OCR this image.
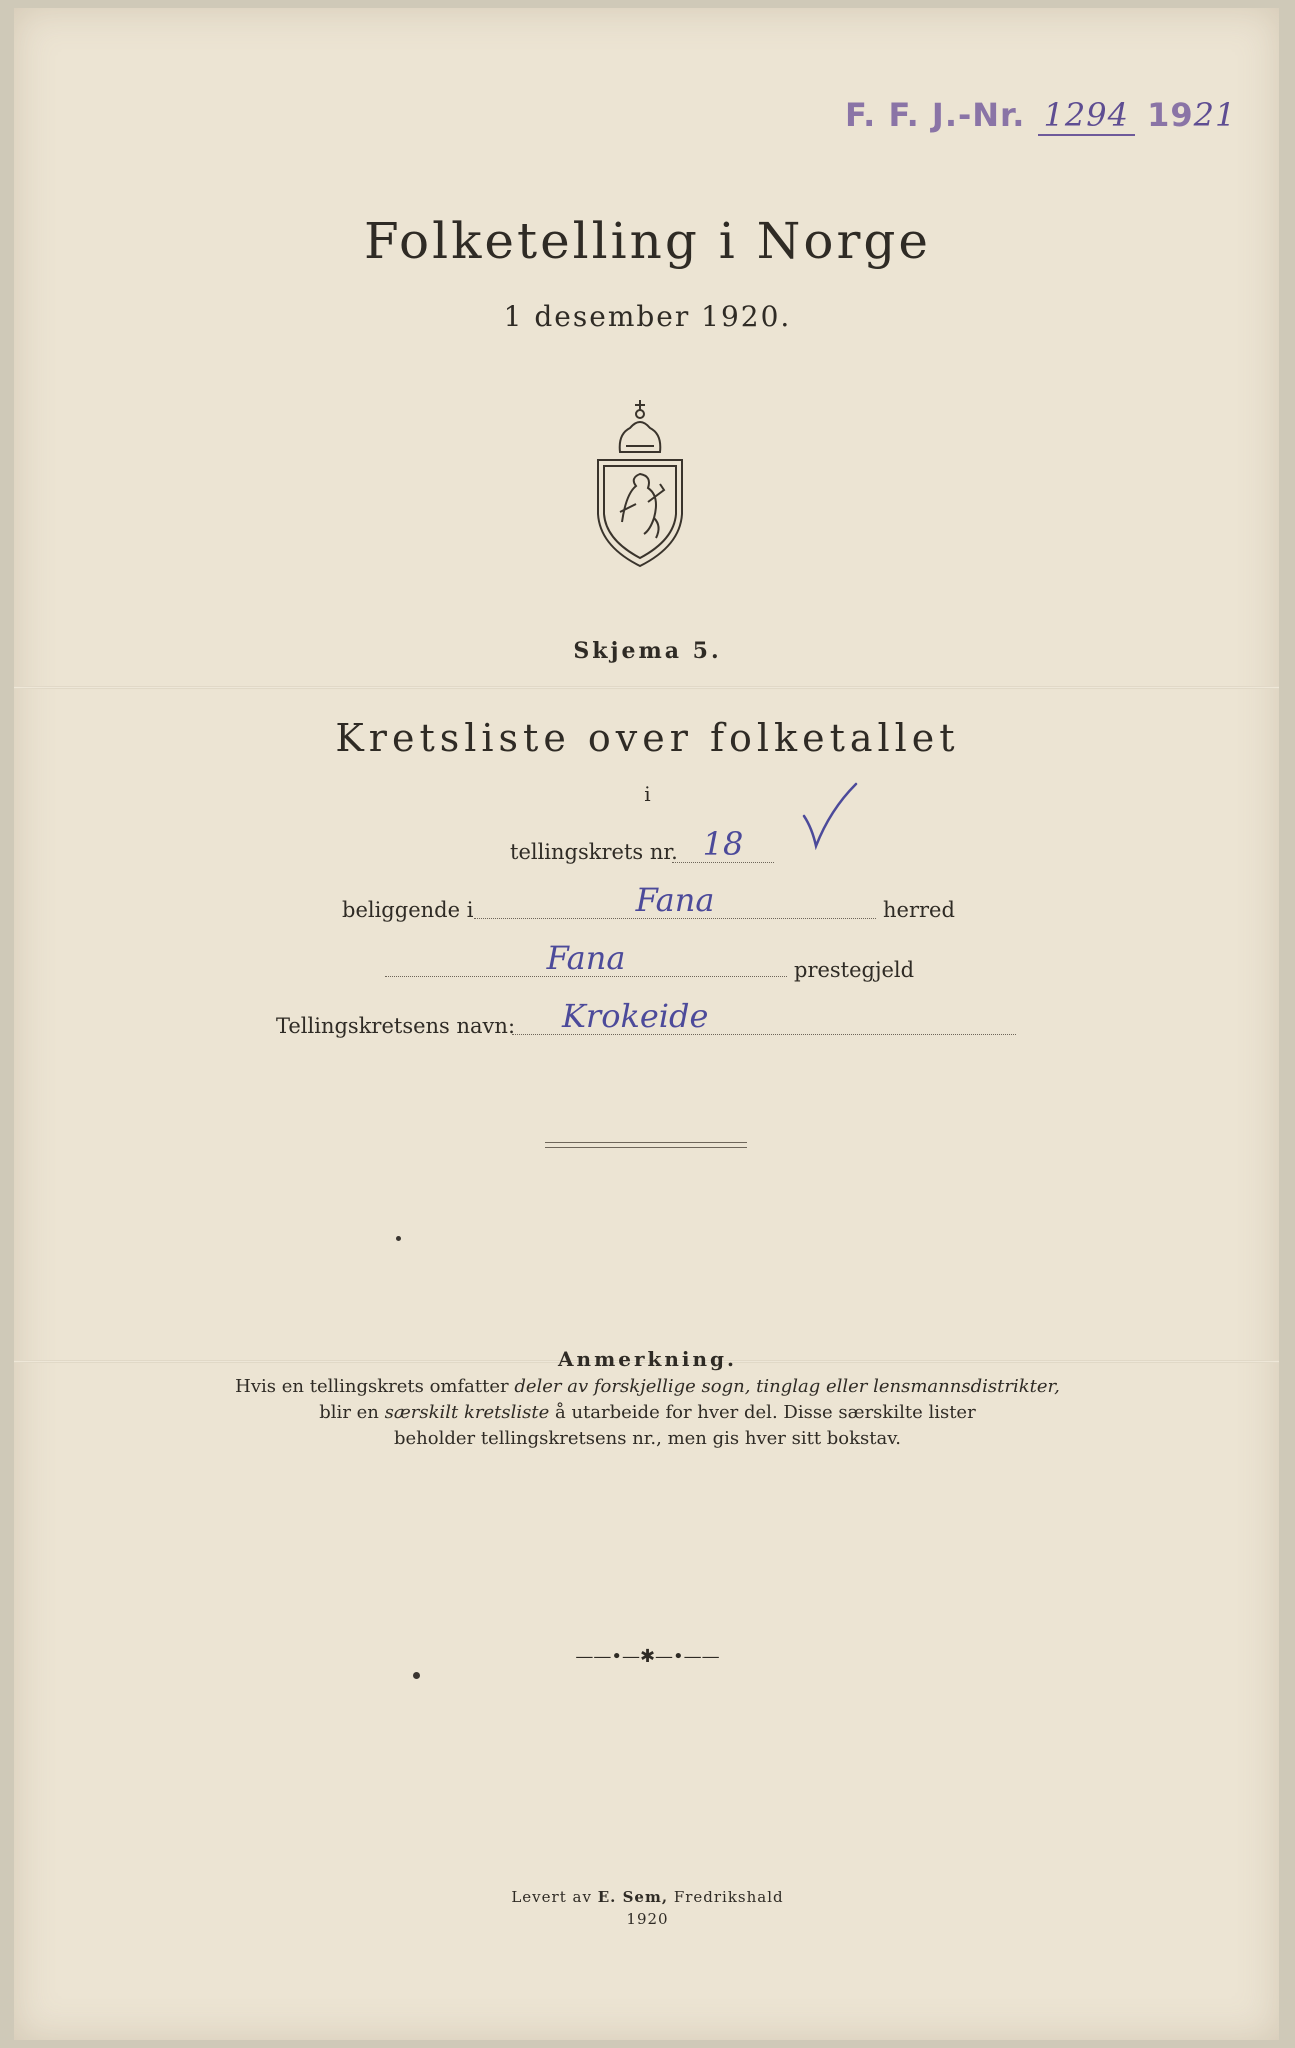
F. F. J.-Nr. 1294 1921
Folketelling i Norge
1 desember 1920.
Skjema 5.
Kretsliste over folketallet
i
tellingskrets nr. 18
beliggende i	Fana	herred
Fana	prestegjeld
Tellingskretsens navn:	Krokeide
Anmerkning.
Hvis en tellingskrets omfatter deler av forskjellige sogn, tinglag eller lensmannsdistrikter,
blir en særskilt kretsliste å utarbeide for hver del. Disse særskilte lister
beholder tellingskretsens nr., men gis hver sitt bokstav.
——•—✱—•——
Levert av E. Sem, Fredrikshald
1920
